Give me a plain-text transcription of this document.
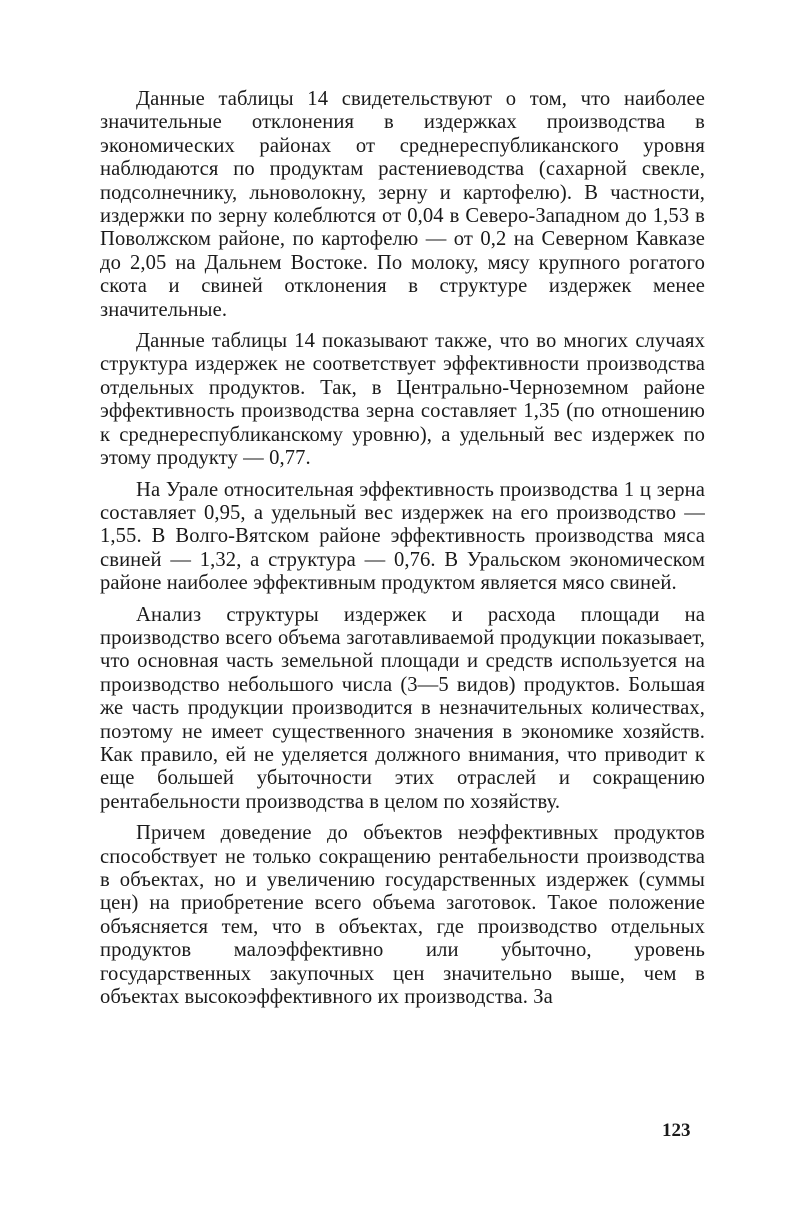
Данные таблицы 14 свидетельствуют о том, что наиболее значительные отклонения в издержках производства в экономических районах от среднереспубликанского уровня наблюдаются по продуктам растениеводства (сахарной свекле, подсолнечнику, льноволокну, зерну и картофелю). В частности, издержки по зерну колеблются от 0,04 в Северо-Западном до 1,53 в Поволжском районе, по картофелю — от 0,2 на Северном Кавказе до 2,05 на Дальнем Востоке. По молоку, мясу крупного рогатого скота и свиней отклонения в структуре издержек менее значительные.

Данные таблицы 14 показывают также, что во многих случаях структура издержек не соответствует эффективности производства отдельных продуктов. Так, в Центрально-Черноземном районе эффективность производства зерна составляет 1,35 (по отношению к среднереспубликанскому уровню), а удельный вес издержек по этому продукту — 0,77.

На Урале относительная эффективность производства 1 ц зерна составляет 0,95, а удельный вес издержек на его производство — 1,55. В Волго-Вятском районе эффективность производства мяса свиней — 1,32, а структура — 0,76. В Уральском экономическом районе наиболее эффективным продуктом является мясо свиней.

Анализ структуры издержек и расхода площади на производство всего объема заготавливаемой продукции показывает, что основная часть земельной площади и средств используется на производство небольшого числа (3—5 видов) продуктов. Большая же часть продукции производится в незначительных количествах, поэтому не имеет существенного значения в экономике хозяйств. Как правило, ей не уделяется должного внимания, что приводит к еще большей убыточности этих отраслей и сокращению рентабельности производства в целом по хозяйству.

Причем доведение до объектов неэффективных продуктов способствует не только сокращению рентабельности производства в объектах, но и увеличению государственных издержек (суммы цен) на приобретение всего объема заготовок. Такое положение объясняется тем, что в объектах, где производство отдельных продуктов малоэффективно или убыточно, уровень государственных закупочных цен значительно выше, чем в объектах высокоэффективного их производства. За

123
